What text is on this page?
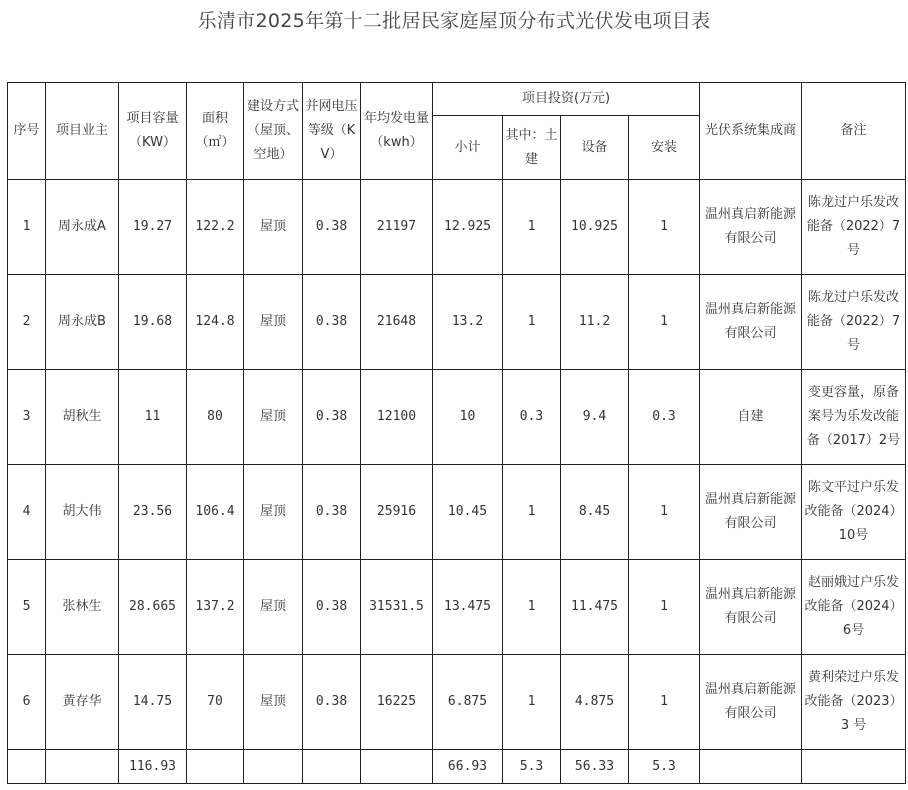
乐清市2025年第十二批居民家庭屋顶分布式光伏发电项目表
序号	项目业主	项目容量（KW）	面积（㎡）	建设方式（屋顶、空地）	并网电压等级（KV）	年均发电量（kwh）	项目投资(万元)				光伏系统集成商	备注
							小计	其中：土建	设备	安装		
1	周永成A	19.27	122.2	屋顶	0.38	21197	12.925	1	10.925	1	温州真启新能源有限公司	陈龙过户乐发改能备（2022）7 号
2	周永成B	19.68	124.8	屋顶	0.38	21648	13.2	1	11.2	1	温州真启新能源有限公司	陈龙过户乐发改能备（2022）7 号
3	胡秋生	11	80	屋顶	0.38	12100	10	0.3	9.4	0.3	自建	变更容量，原备案号为乐发改能备（2017）2号
4	胡大伟	23.56	106.4	屋顶	0.38	25916	10.45	1	8.45	1	温州真启新能源有限公司	陈文平过户乐发改能备（2024）10号
5	张林生	28.665	137.2	屋顶	0.38	31531.5	13.475	1	11.475	1	温州真启新能源有限公司	赵丽娥过户乐发改能备（2024）6号
6	黄存华	14.75	70	屋顶	0.38	16225	6.875	1	4.875	1	温州真启新能源有限公司	黄利荣过户乐发改能备（2023）3 号
		116.93					66.93	5.3	56.33	5.3		
